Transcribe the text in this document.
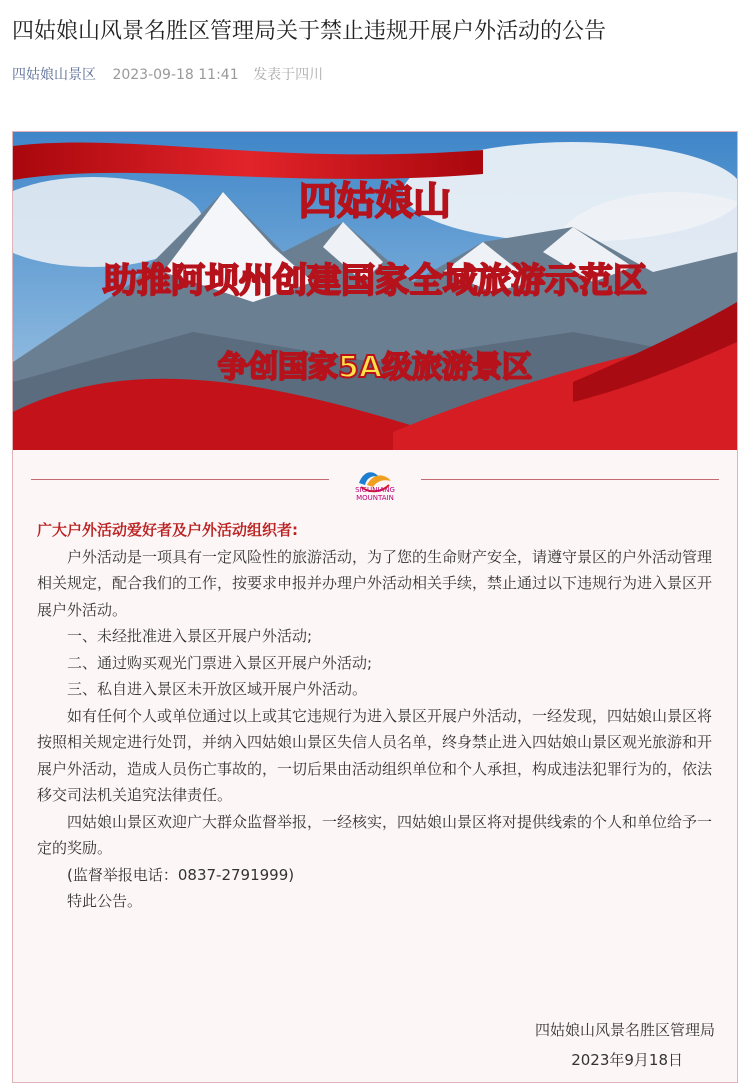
四姑娘山风景名胜区管理局关于禁止违规开展户外活动的公告
四姑娘山景区 2023-09-18 11:41 发表于四川
四姑娘山
助推阿坝州创建国家全域旅游示范区
争创国家5A级旅游景区
SIGUNIANG MOUNTAIN

广大户外活动爱好者及户外活动组织者:

户外活动是一项具有一定风险性的旅游活动，为了您的生命财产安全，请遵守景区的户外活动管理相关规定，配合我们的工作，按要求申报并办理户外活动相关手续，禁止通过以下违规行为进入景区开展户外活动。

一、未经批准进入景区开展户外活动;

二、通过购买观光门票进入景区开展户外活动;

三、私自进入景区未开放区域开展户外活动。

如有任何个人或单位通过以上或其它违规行为进入景区开展户外活动，一经发现，四姑娘山景区将按照相关规定进行处罚，并纳入四姑娘山景区失信人员名单，终身禁止进入四姑娘山景区观光旅游和开展户外活动，造成人员伤亡事故的，一切后果由活动组织单位和个人承担，构成违法犯罪行为的，依法移交司法机关追究法律责任。

四姑娘山景区欢迎广大群众监督举报，一经核实，四姑娘山景区将对提供线索的个人和单位给予一定的奖励。

(监督举报电话：0837-2791999)

特此公告。

四姑娘山风景名胜区管理局
2023年9月18日
